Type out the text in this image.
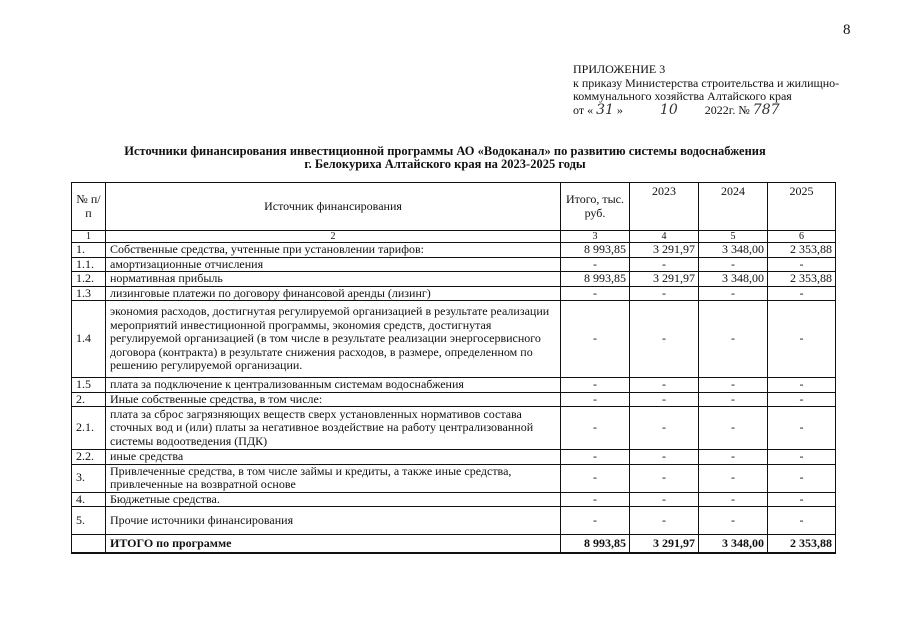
8
ПРИЛОЖЕНИЕ 3
к приказу Министерства строительства и жилищно-
коммунального хозяйства Алтайского края
от « 31 »	10 2022г. № 787
Источники финансирования инвестиционной программы АО «Водоканал» по развитию системы водоснабжения
г. Белокуриха Алтайского края на 2023-2025 годы
№ п/п	Источник финансирования	Итого, тыс. руб.	2023	2024	2025
1	2	3	4	5	6
1.	Собственные средства, учтенные при установлении тарифов:	8 993,85	3 291,97	3 348,00	2 353,88
1.1.	амортизационные отчисления	-	-	-	-
1.2.	нормативная прибыль	8 993,85	3 291,97	3 348,00	2 353,88
1.3	лизинговые платежи по договору финансовой аренды (лизинг)	-	-	-	-
1.4	экономия расходов, достигнутая регулируемой организацией в результате реализации мероприятий инвестиционной программы, экономия средств, достигнутая регулируемой организацией (в том числе в результате реализации энергосервисного договора (контракта) в результате снижения расходов, в размере, определенном по решению регулируемой организации.	-	-	-	-
1.5	плата за подключение к централизованным системам водоснабжения	-	-	-	-
2.	Иные собственные средства, в том числе:	-	-	-	-
2.1.	плата за сброс загрязняющих веществ сверх установленных нормативов состава сточных вод и (или) платы за негативное воздействие на работу централизованной системы водоотведения (ПДК)	-	-	-	-
2.2.	иные средства	-	-	-	-
3.	Привлеченные средства, в том числе займы и кредиты, а также иные средства, привлеченные на возвратной основе	-	-	-	-
4.	Бюджетные средства.	-	-	-	-
5.	Прочие источники финансирования	-	-	-	-
	ИТОГО по программе	8 993,85	3 291,97	3 348,00	2 353,88
